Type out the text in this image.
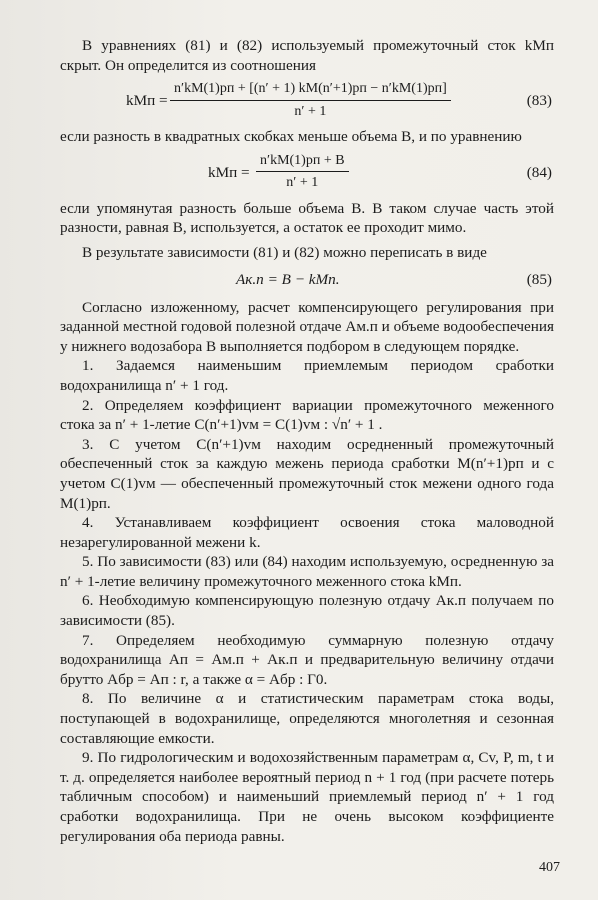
В уравнениях (81) и (82) используемый промежуточный сток kMп скрыт. Он определится из соотношения

kMп =
n′kM(1)pп + [(n′ + 1) kM(n′+1)pп − n′kM(1)pп]
n′ + 1
(83)

если разность в квадратных скобках меньше объема B, и по уравнению

kMп =
n′kM(1)pп + B
n′ + 1
(84)

если упомянутая разность больше объема B. В таком случае часть этой разности, равная B, используется, а остаток ее проходит мимо.

В результате зависимости (81) и (82) можно переписать в виде

Aк.п = B − kMп.	(85)

Согласно изложенному, расчет компенсирующего регулирования при заданной местной годовой полезной отдаче Aм.п и объеме водообеспечения у нижнего водозабора B выполняется подбором в следующем порядке.

1. Задаемся наименьшим приемлемым периодом сработки водохранилища n′ + 1 год.

2. Определяем коэффициент вариации промежуточного меженного стока за n′ + 1-летие C(n′+1)vм = C(1)vм : √n′ + 1 .

3. С учетом C(n′+1)vм находим осредненный промежуточный обеспеченный сток за каждую межень периода сработки M(n′+1)pп и с учетом C(1)vм — обеспеченный промежуточный сток межени одного года M(1)pп.

4. Устанавливаем коэффициент освоения стока маловодной незарегулированной межени k.

5. По зависимости (83) или (84) находим используемую, осредненную за n′ + 1-летие величину промежуточного меженного стока kMп.

6. Необходимую компенсирующую полезную отдачу Aк.п получаем по зависимости (85).

7. Определяем необходимую суммарную полезную отдачу водохранилища Aп = Aм.п + Aк.п и предварительную величину отдачи брутто Aбр = Aп : r, а также α = Aбр : Г0.

8. По величине α и статистическим параметрам стока воды, поступающей в водохранилище, определяются многолетняя и сезонная составляющие емкости.

9. По гидрологическим и водохозяйственным параметрам α, Cv, P, m, t и т. д. определяется наиболее вероятный период n + 1 год (при расчете потерь табличным способом) и наименьший приемлемый период n′ + 1 год сработки водохранилища. При не очень высоком коэффициенте регулирования оба периода равны.

407
